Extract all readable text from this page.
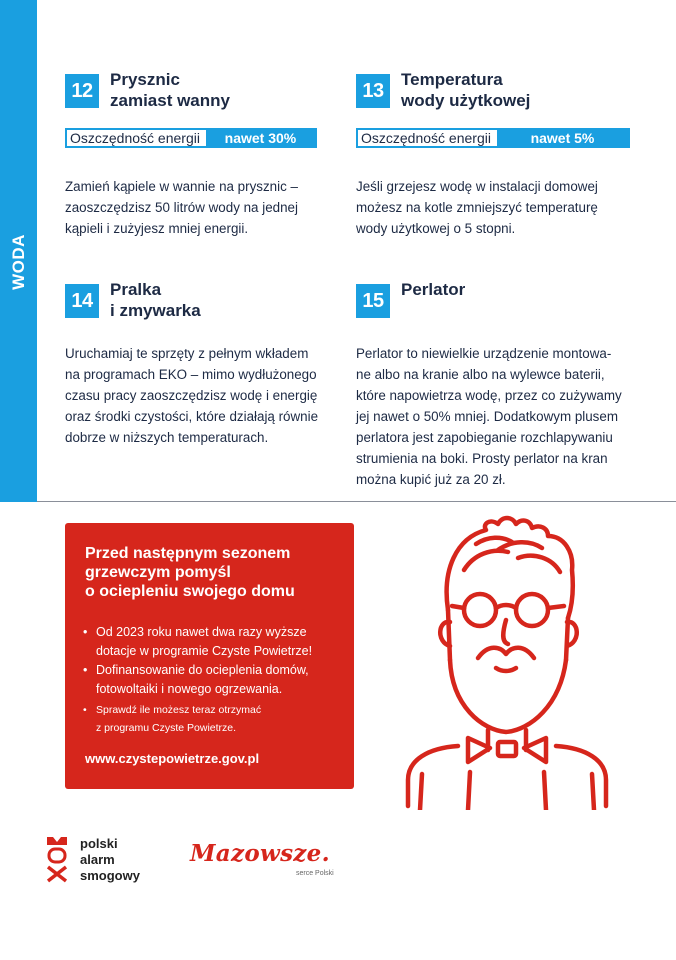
WODA
12	Prysznic
zamiast wanny
Oszczędność energii	nawet 30%
Zamień kąpiele w wannie na prysznic –
zaoszczędzisz 50 litrów wody na jednej
kąpieli i zużyjesz mniej energii.
13	Temperatura
wody użytkowej
Oszczędność energii	nawet 5%
Jeśli grzejesz wodę w instalacji domowej
możesz na kotle zmniejszyć temperaturę
wody użytkowej o 5 stopni.
14	Pralka
i zmywarka
Uruchamiaj te sprzęty z pełnym wkładem
na programach EKO – mimo wydłużonego
czasu pracy zaoszczędzisz wodę i energię
oraz środki czystości, które działają równie
dobrze w niższych temperaturach.
15	Perlator
Perlator to niewielkie urządzenie montowa-
ne albo na kranie albo na wylewce baterii,
które napowietrza wodę, przez co zużywamy
jej nawet o 50% mniej. Dodatkowym plusem
perlatora jest zapobieganie rozchlapywaniu
strumienia na boki. Prosty perlator na kran
można kupić już za 20 zł.
Przed następnym sezonem
grzewczym pomyśl
o ociepleniu swojego domu
• Od 2023 roku nawet dwa razy wyższe
dotacje w programie Czyste Powietrze!
• Dofinansowanie do ocieplenia domów,
fotowoltaiki i nowego ogrzewania.
• Sprawdź ile możesz teraz otrzymać
z programu Czyste Powietrze.
www.czystepowietrze.gov.pl
polski
alarm
smogowy
Mazowsze.
serce Polski
